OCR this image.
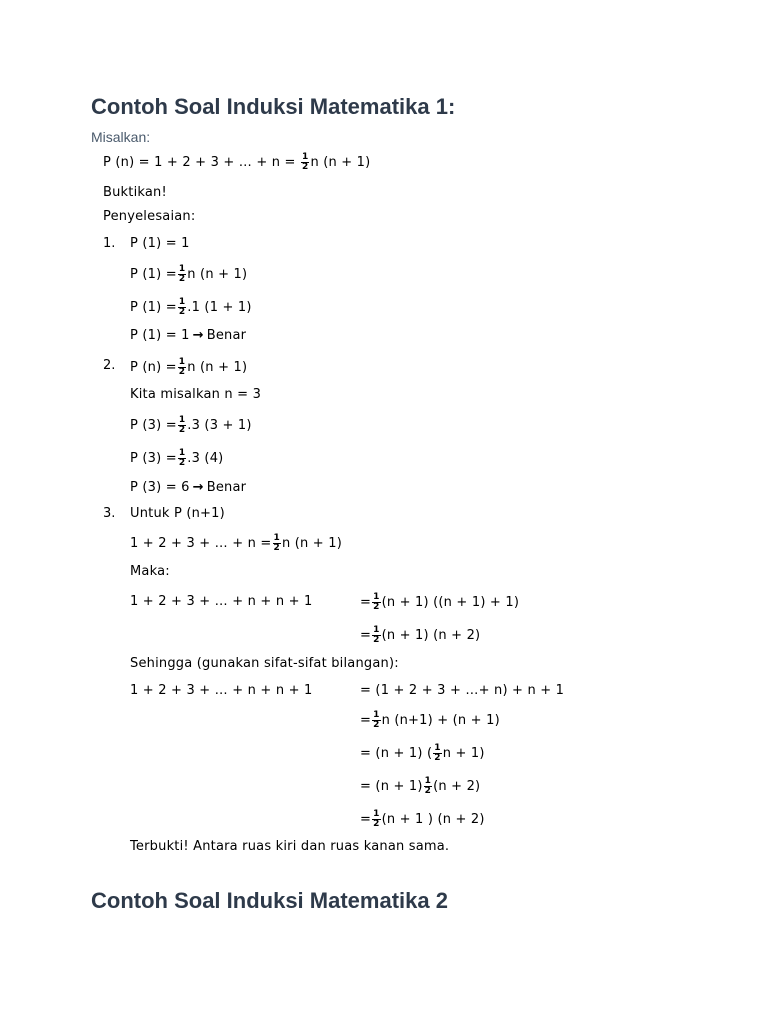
Contoh Soal Induksi Matematika 1:
Misalkan:
P (n) = 1 + 2 + 3 + … + $n = \frac{1}{2}$ n (n + 1)
Buktikan!
Penyelesaian:
1. P (1) = 1
P $(1) = \frac{1}{2}$ n (n + 1)
P $(1) = \frac{1}{2} .1$ (1 + 1)
P (1) = 1 → Benar
2. P $(n) = \frac{1}{2}$ n (n + 1)
Kita misalkan n = 3
P $(3) = \frac{1}{2} .3$ (3 + 1)
P $(3) = \frac{1}{2} .3$ (4)
P (3) = 6 → Benar
3. Untuk P (n+1)
1 + 2 + 3 + … + $n = \frac{1}{2}$ n (n + 1)
Maka:
1 + 2 + 3 + … + n + n + 1	= $\frac{1}{2} (n + 1) ((n + 1) + 1)$
= $\frac{1}{2} (n + 1) (n + 2)$
Sehingga (gunakan sifat-sifat bilangan):
1 + 2 + 3 + … + n + n + 1	= (1 + 2 + 3 + …+ n) + n + 1
= $\frac{1}{2}$ n (n+1) + (n + 1)
= (n + 1) ( $\frac{1}{2}$ n + 1)
= $(n + 1) \frac{1}{2} (n + 2)$
= $\frac{1}{2} (n + 1$ ) (n + 2)
Terbukti! Antara ruas kiri dan ruas kanan sama.
Contoh Soal Induksi Matematika 2
